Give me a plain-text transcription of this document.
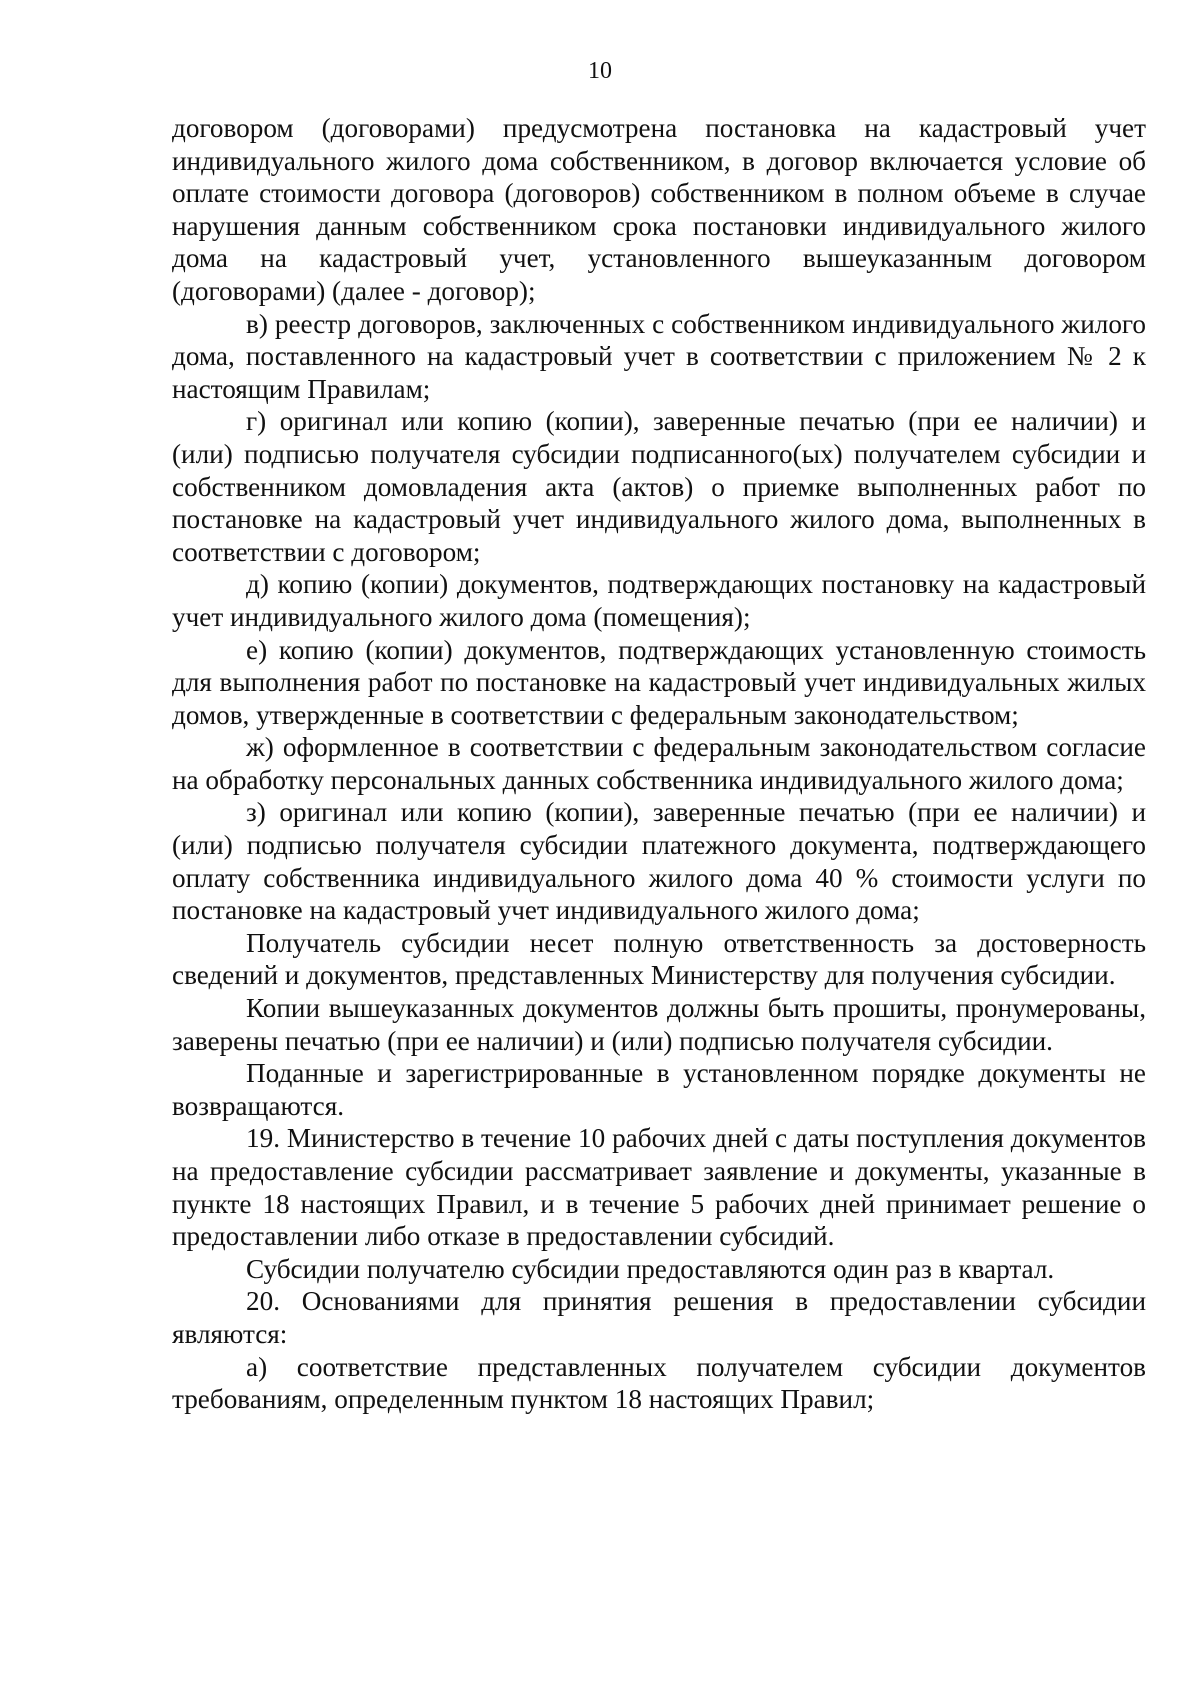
10

договором (договорами) предусмотрена постановка на кадастровый учет индивидуального жилого дома собственником, в договор включается условие об оплате стоимости договора (договоров) собственником в полном объеме в случае нарушения данным собственником срока постановки индивидуального жилого дома на кадастровый учет, установленного вышеуказанным договором (договорами) (далее - договор);

в) реестр договоров, заключенных с собственником индивидуального жилого дома, поставленного на кадастровый учет в соответствии с приложением № 2 к настоящим Правилам;

г) оригинал или копию (копии), заверенные печатью (при ее наличии) и (или) подписью получателя субсидии подписанного(ых) получателем субсидии и собственником домовладения акта (актов) о приемке выполненных работ по постановке на кадастровый учет индивидуального жилого дома, выполненных в соответствии с договором;

д) копию (копии) документов, подтверждающих постановку на кадастровый учет индивидуального жилого дома (помещения);

е) копию (копии) документов, подтверждающих установленную стоимость для выполнения работ по постановке на кадастровый учет индивидуальных жилых домов, утвержденные в соответствии с федеральным законодательством;

ж) оформленное в соответствии с федеральным законодательством согласие на обработку персональных данных собственника индивидуального жилого дома;

з) оригинал или копию (копии), заверенные печатью (при ее наличии) и (или) подписью получателя субсидии платежного документа, подтверждающего оплату собственника индивидуального жилого дома 40 % стоимости услуги по постановке на кадастровый учет индивидуального жилого дома;

Получатель субсидии несет полную ответственность за достоверность сведений и документов, представленных Министерству для получения субсидии.

Копии вышеуказанных документов должны быть прошиты, пронумерованы, заверены печатью (при ее наличии) и (или) подписью получателя субсидии.

Поданные и зарегистрированные в установленном порядке документы не возвращаются.

19. Министерство в течение 10 рабочих дней с даты поступления документов на предоставление субсидии рассматривает заявление и документы, указанные в пункте 18 настоящих Правил, и в течение 5 рабочих дней принимает решение о предоставлении либо отказе в предоставлении субсидий.

Субсидии получателю субсидии предоставляются один раз в квартал.

20. Основаниями для принятия решения в предоставлении субсидии являются:

а) соответствие представленных получателем субсидии документов требованиям, определенным пунктом 18 настоящих Правил;
